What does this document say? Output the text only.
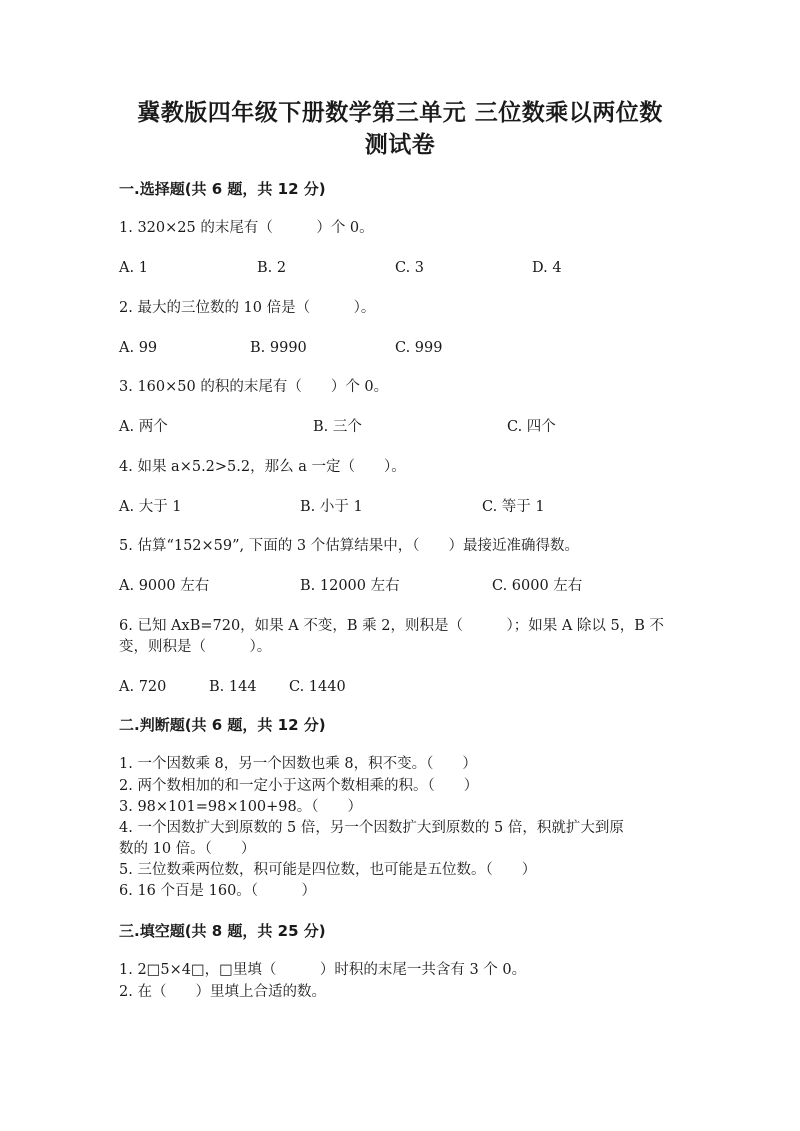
冀教版四年级下册数学第三单元 三位数乘以两位数
测试卷
一.选择题(共 6 题，共 12 分)
1. 320×25 的末尾有（　　　）个 0。
A. 1	B. 2	C. 3	D. 4
2. 最大的三位数的 10 倍是（　　　）。
A. 99	B. 9990	C. 999
3. 160×50 的积的末尾有（　　）个 0。
A. 两个	B. 三个	C. 四个
4. 如果 a×5.2>5.2，那么 a 一定（　　）。
A. 大于 1	B. 小于 1	C. 等于 1
5. 估算“152×59”, 下面的 3 个估算结果中，（　　）最接近准确得数。
A. 9000 左右	B. 12000 左右	C. 6000 左右
6. 已知 AxB=720，如果 A 不变，B 乘 2，则积是（　　　）；如果 A 除以 5，B 不
变，则积是（　　　）。
A. 720	B. 144 C. 1440
二.判断题(共 6 题，共 12 分)
1. 一个因数乘 8，另一个因数也乘 8，积不变。（　　）
2. 两个数相加的和一定小于这两个数相乘的积。（　　）
3. 98×101=98×100+98。（　　）
4. 一个因数扩大到原数的 5 倍，另一个因数扩大到原数的 5 倍，积就扩大到原
数的 10 倍。（　　）
5. 三位数乘两位数，积可能是四位数，也可能是五位数。（　　）
6. 16 个百是 160。（　　　）
三.填空题(共 8 题，共 25 分)
1. 2□5×4□，□里填（　　　）时积的末尾一共含有 3 个 0。
2. 在（　　）里填上合适的数。
